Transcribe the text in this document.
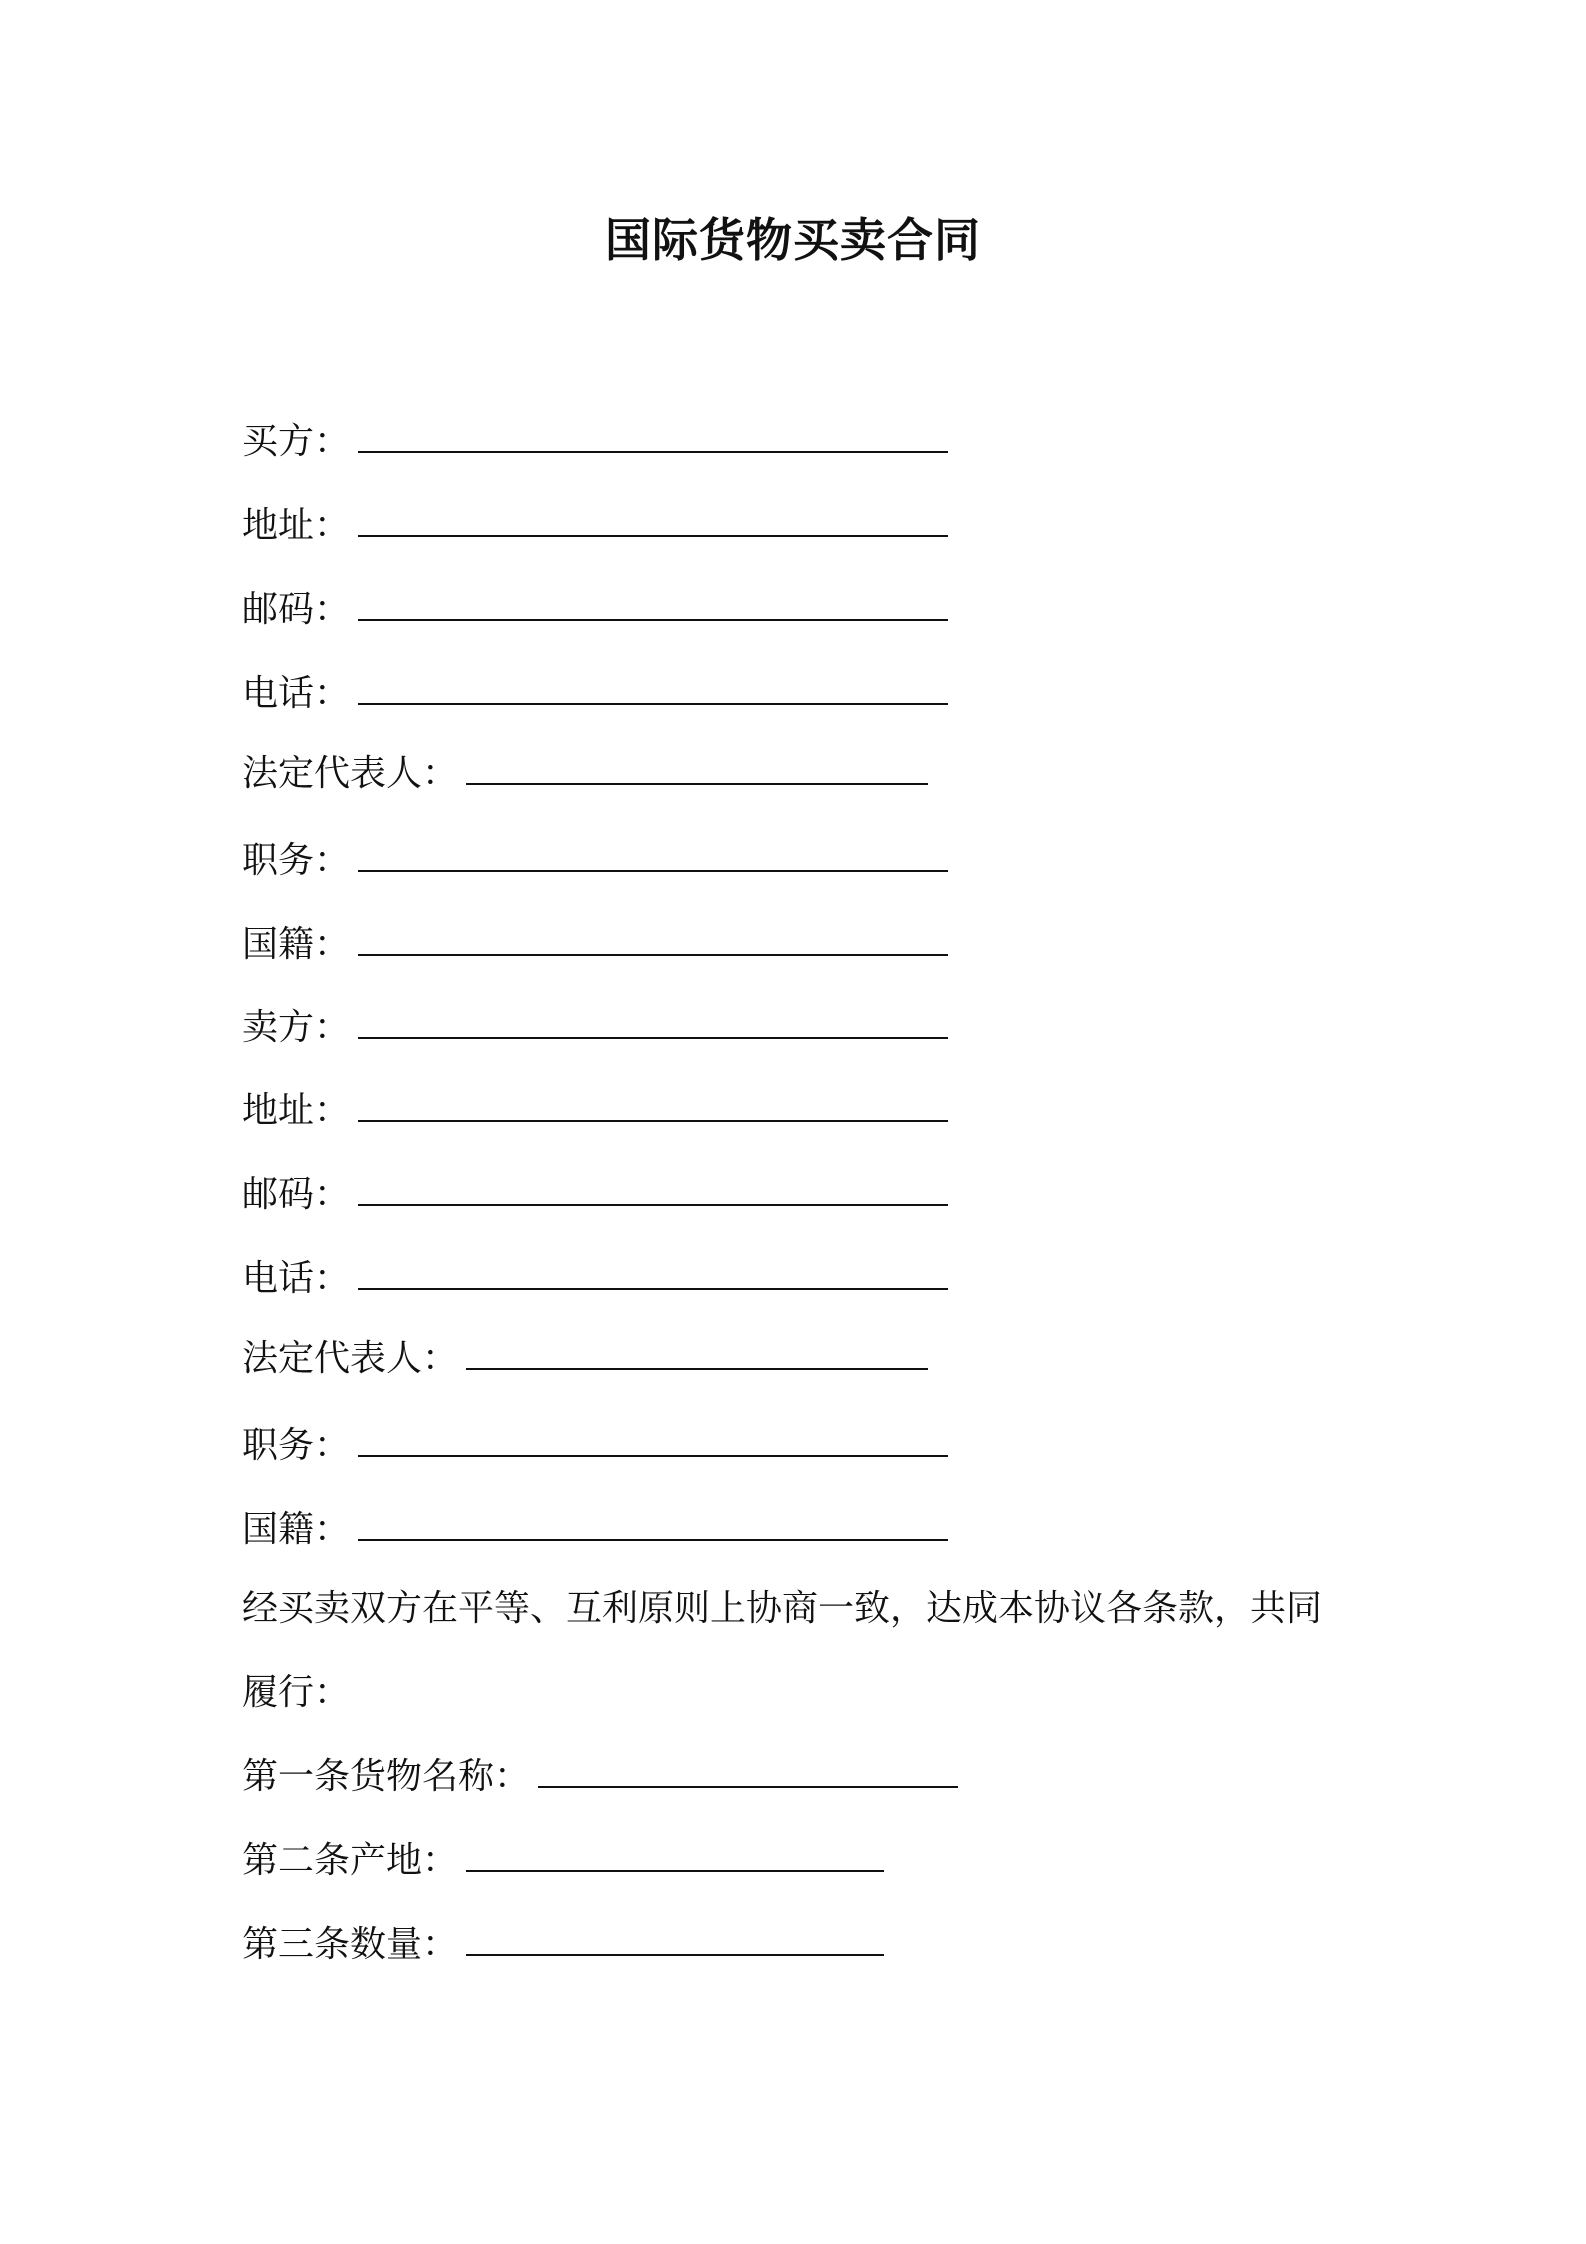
国际货物买卖合同
买方：
地址：
邮码：
电话：
法定代表人：
职务：
国籍：
卖方：
地址：
邮码：
电话：
法定代表人：
职务：
国籍：
经买卖双方在平等、互利原则上协商一致，达成本协议各条款，共同
履行：
第一条货物名称：
第二条产地：
第三条数量：
